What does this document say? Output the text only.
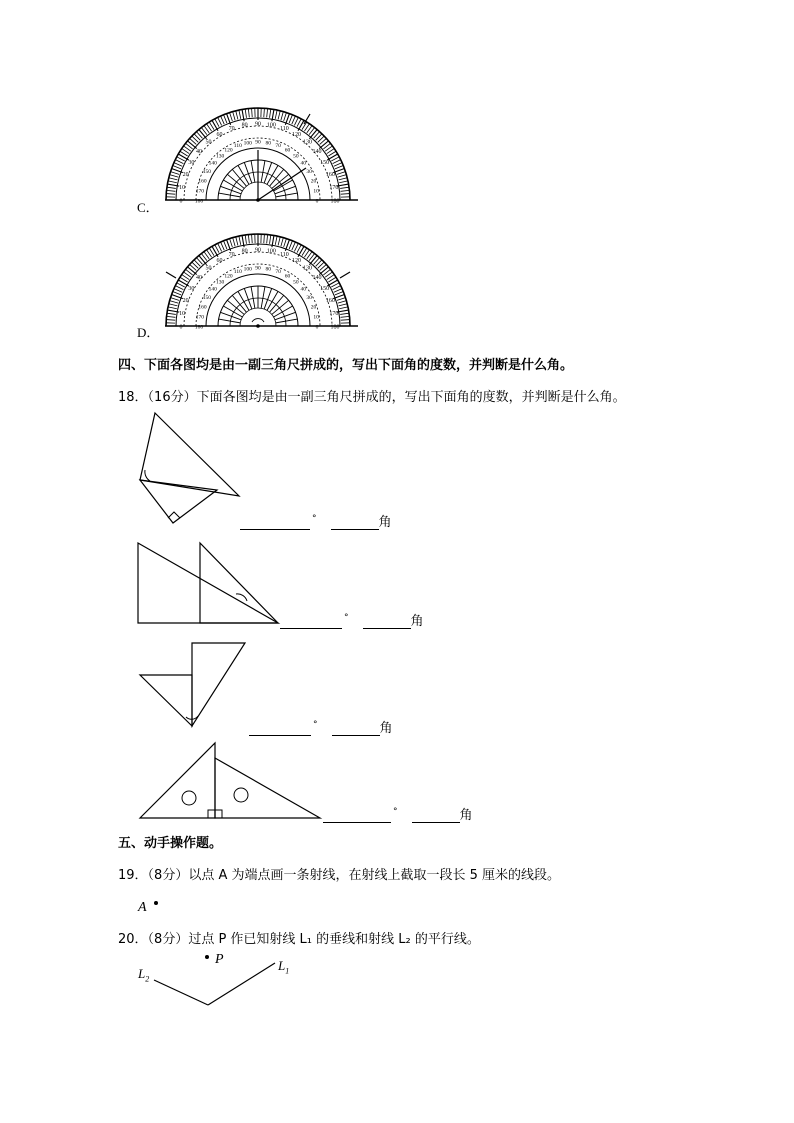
C．	0 180
10
170
20
160
30
150
40
140
50
130
60
120
70
110
80
100
90
90
100
80
110
70
120
60
130
50
140
40 150
30
160
20
170
10
180
0
D．	0 180
10
170
20
160
30
150
40
140
50
130
60
120
70
110
80
100
90
90
100
80
110
70
120
60
130
50
140
40 150
30
160
20
170
10
180
0
四、下面各图均是由一副三角尺拼成的，写出下面角的度数，并判断是什么角。
18．（16分）下面各图均是由一副三角尺拼成的，写出下面角的度数，并判断是什么角。
°	角
°	角
°	角
°	角
五、动手操作题。
19．（8分）以点 A 为端点画一条射线，在射线上截取一段长 5 厘米的线段。
A
20．（8分）过点 P 作已知射线 L₁ 的垂线和射线 L₂ 的平行线。
P
$L_2$
$L_1$
